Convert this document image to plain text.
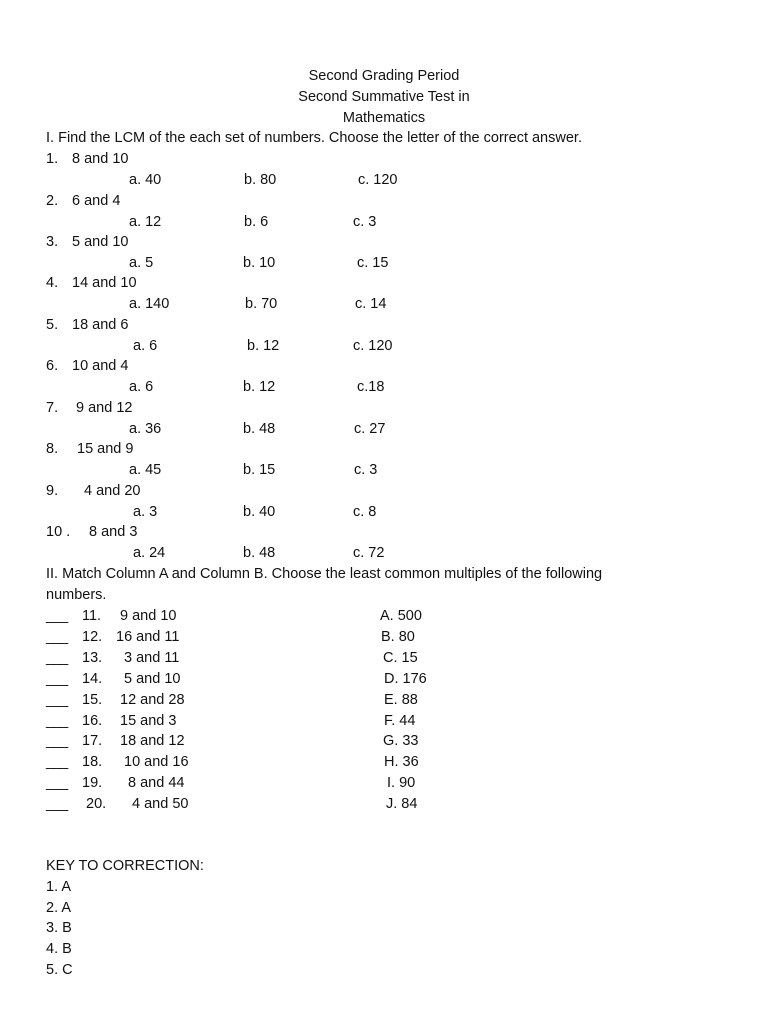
Second Grading Period
Second Summative Test in
Mathematics
I. Find the LCM of the each set of numbers. Choose the letter of the correct answer.
1. 8 and 10
a. 40	b. 80	c. 120
2. 6 and 4
a. 12	b. 6	c. 3
3. 5 and 10
a. 5	b. 10	c. 15
4. 14 and 10
a. 140	b. 70	c. 14
5. 18 and 6
a. 6	b. 12	c. 120
6. 10 and 4
a. 6	b. 12	c.18
7. 9 and 12
a. 36	b. 48	c. 27
8. 15 and 9
a. 45	b. 15	c. 3
9. 4 and 20
a. 3	b. 40	c. 8
10 . 8 and 3
a. 24	b. 48	c. 72
II. Match Column A and Column B. Choose the least common multiples of the following
numbers.
___ 11. 9 and 10	A. 500
___ 12. 16 and 11	B. 80
___ 13. 3 and 11	C. 15
___ 14. 5 and 10	D. 176
___ 15. 12 and 28	E. 88
___ 16. 15 and 3	F. 44
___ 17. 18 and 12	G. 33
___ 18. 10 and 16	H. 36
___ 19. 8 and 44	I. 90
___ 20. 4 and 50	J. 84
KEY TO CORRECTION:
1. A
2. A
3. B
4. B
5. C
